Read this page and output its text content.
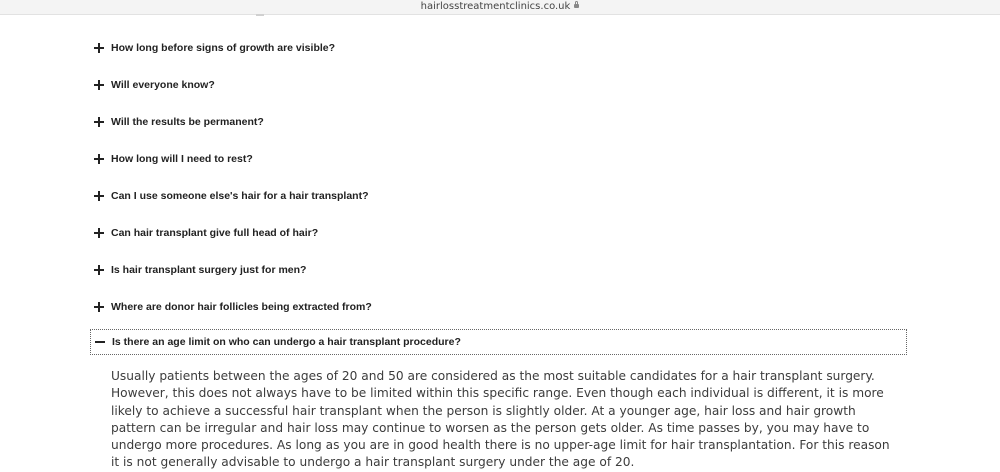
hairlosstreatmentclinics.co.uk
How long before signs of growth are visible?
Will everyone know?
Will the results be permanent?
How long will I need to rest?
Can I use someone else's hair for a hair transplant?
Can hair transplant give full head of hair?
Is hair transplant surgery just for men?
Where are donor hair follicles being extracted from?
Is there an age limit on who can undergo a hair transplant procedure?

Usually patients between the ages of 20 and 50 are considered as the most suitable candidates for a hair transplant surgery. However, this does not always have to be limited within this specific range. Even though each individual is different, it is more likely to achieve a successful hair transplant when the person is slightly older. At a younger age, hair loss and hair growth pattern can be irregular and hair loss may continue to worsen as the person gets older. As time passes by, you may have to undergo more procedures. As long as you are in good health there is no upper-age limit for hair transplantation. For this reason it is not generally advisable to undergo a hair transplant surgery under the age of 20.
